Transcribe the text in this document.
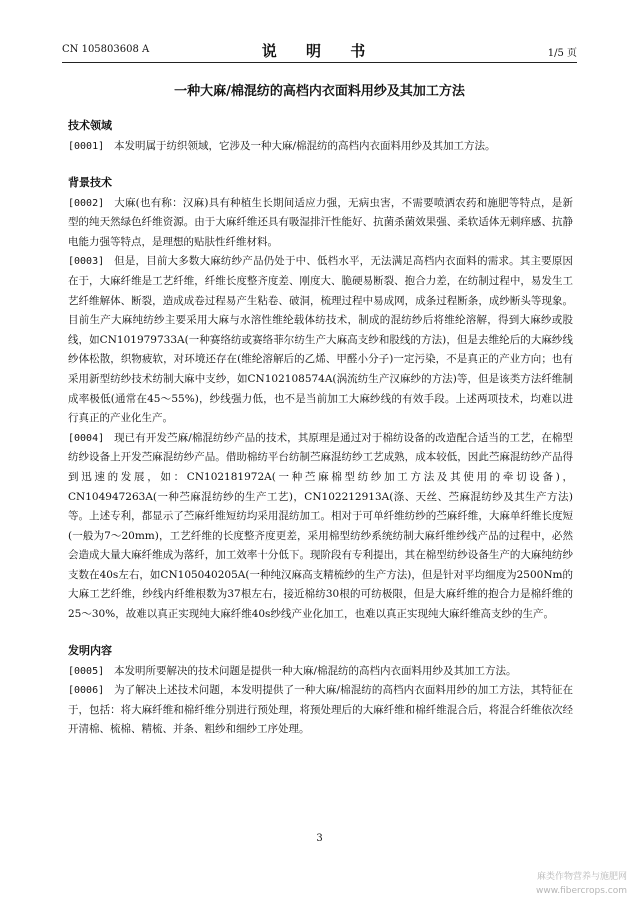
CN 105803608 A	说 明 书	1/5 页
一种大麻/棉混纺的高档内衣面料用纱及其加工方法
技术领域

[0001] 本发明属于纺织领域，它涉及一种大麻/棉混纺的高档内衣面料用纱及其加工方法。

背景技术

[0002] 大麻(也有称：汉麻)具有种植生长期间适应力强，无病虫害，不需要喷洒农药和施肥等特点，是新型的纯天然绿色纤维资源。由于大麻纤维还具有吸湿排汗性能好、抗菌杀菌效果强、柔软适体无刺痒感、抗静电能力强等特点，是理想的贴肤性纤维材料。

[0003] 但是，目前大多数大麻纺纱产品仍处于中、低档水平，无法满足高档内衣面料的需求。其主要原因在于，大麻纤维是工艺纤维，纤维长度整齐度差、刚度大、脆硬易断裂、抱合力差，在纺制过程中，易发生工艺纤维解体、断裂，造成成卷过程易产生粘卷、破洞，梳理过程中易成网，成条过程断条，成纱断头等现象。目前生产大麻纯纺纱主要采用大麻与水溶性维纶载体纺技术，制成的混纺纱后将维纶溶解，得到大麻纱或股线，如CN101979733A(一种赛络纺或赛络菲尔纺生产大麻高支纱和股线的方法)，但是去维纶后的大麻纱线纱体松散，织物疲软，对环境还存在(维纶溶解后的乙烯、甲醛小分子)一定污染，不是真正的产业方向；也有采用新型纺纱技术纺制大麻中支纱，如CN102108574A(涡流纺生产汉麻纱的方法)等，但是该类方法纤维制成率极低(通常在45～55%)，纱线强力低，也不是当前加工大麻纱线的有效手段。上述两项技术，均难以进行真正的产业化生产。

[0004] 现已有开发苎麻/棉混纺纱产品的技术，其原理是通过对于棉纺设备的改造配合适当的工艺，在棉型纺纱设备上开发苎麻混纺纱产品。借助棉纺平台纺制苎麻混纺纱工艺成熟，成本较低，因此苎麻混纺纱产品得到迅速的发展，如：CN102181972A(一种苎麻棉型纺纱加工方法及其使用的牵切设备)，CN104947263A(一种苎麻混纺纱的生产工艺)，CN102212913A(涤、天丝、苎麻混纺纱及其生产方法)等。上述专利，都显示了苎麻纤维短纺均采用混纺加工。相对于可单纤维纺纱的苎麻纤维，大麻单纤维长度短(一般为7～20mm)，工艺纤维的长度整齐度更差，采用棉型纺纱系统纺制大麻纤维纱线产品的过程中，必然会造成大量大麻纤维成为落纤，加工效率十分低下。现阶段有专利提出，其在棉型纺纱设备生产的大麻纯纺纱支数在40s左右，如CN105040205A(一种纯汉麻高支精梳纱的生产方法)，但是针对平均细度为2500Nm的大麻工艺纤维，纱线内纤维根数为37根左右，接近棉纺30根的可纺极限，但是大麻纤维的抱合力是棉纤维的25～30%，故难以真正实现纯大麻纤维40s纱线产业化加工，也难以真正实现纯大麻纤维高支纱的生产。

发明内容

[0005] 本发明所要解决的技术问题是提供一种大麻/棉混纺的高档内衣面料用纱及其加工方法。

[0006] 为了解决上述技术问题，本发明提供了一种大麻/棉混纺的高档内衣面料用纱的加工方法，其特征在于，包括：将大麻纤维和棉纤维分别进行预处理，将预处理后的大麻纤维和棉纤维混合后，将混合纤维依次经开清棉、梳棉、精梳、并条、粗纱和细纱工序处理。

3
麻类作物营养与施肥网
www.fibercrops.com
